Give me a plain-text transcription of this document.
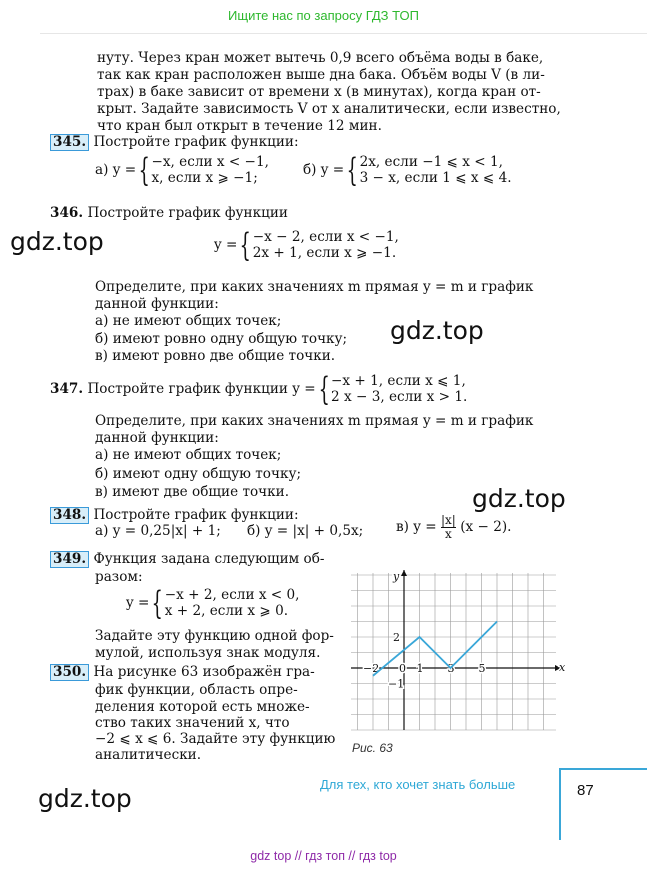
Ищите нас по запросу ГДЗ ТОП
нуту. Через кран может вытечь 0,9 всего объёма воды в баке,
так как кран расположен выше дна бака. Объём воды V (в ли-
трах) в баке зависит от времени x (в минутах), когда кран от-
крыт. Задайте зависимость V от x аналитически, если известно,
что кран был открыт в течение 12 мин.
345. Постройте график функции:
а) y = { −x, если x < −1,
x, если x ⩾ −1;
б) y = { 2x, если −1 ⩽ x < 1,
3 − x, если 1 ⩽ x ⩽ 4.
346. Постройте график функции
y = { −x − 2, если x < −1,
2x + 1, если x ⩾ −1.
Определите, при каких значениях m прямая y = m и график
данной функции:
а) не имеют общих точек;
б) имеют ровно одну общую точку;
в) имеют ровно две общие точки.
347.
Постройте график функции
y = { −x + 1, если x ⩽ 1,
2 x − 3, если x > 1.
Определите, при каких значениях m прямая y = m и график
данной функции:
а) не имеют общих точек;
б) имеют одну общую точку;
в) имеют две общие точки.
348. Постройте график функции:
а) y = 0,25|x| + 1; б) y = |x| + 0,5x; в) y =
$\frac{|x|}{x}$
(x − 2).
349. Функция задана следующим об-
разом:
y = { −x + 2, если x < 0,
x + 2, если x ⩾ 0.
Задайте эту функцию одной фор-
мулой, используя знак модуля.
350. На рисунке 63 изображён гра-
фик функции, область опре-
деления которой есть множе-
ство таких значений x, что
−2 ⩽ x ⩽ 6. Задайте эту функцию
аналитически.
−2 0 1 3 5
2
−1
x
y
Рис. 63
gdz.top
gdz.top
gdz.top
gdz.top	Для тех, кто хочет знать больше	87
gdz top // гдз топ // гдз top
